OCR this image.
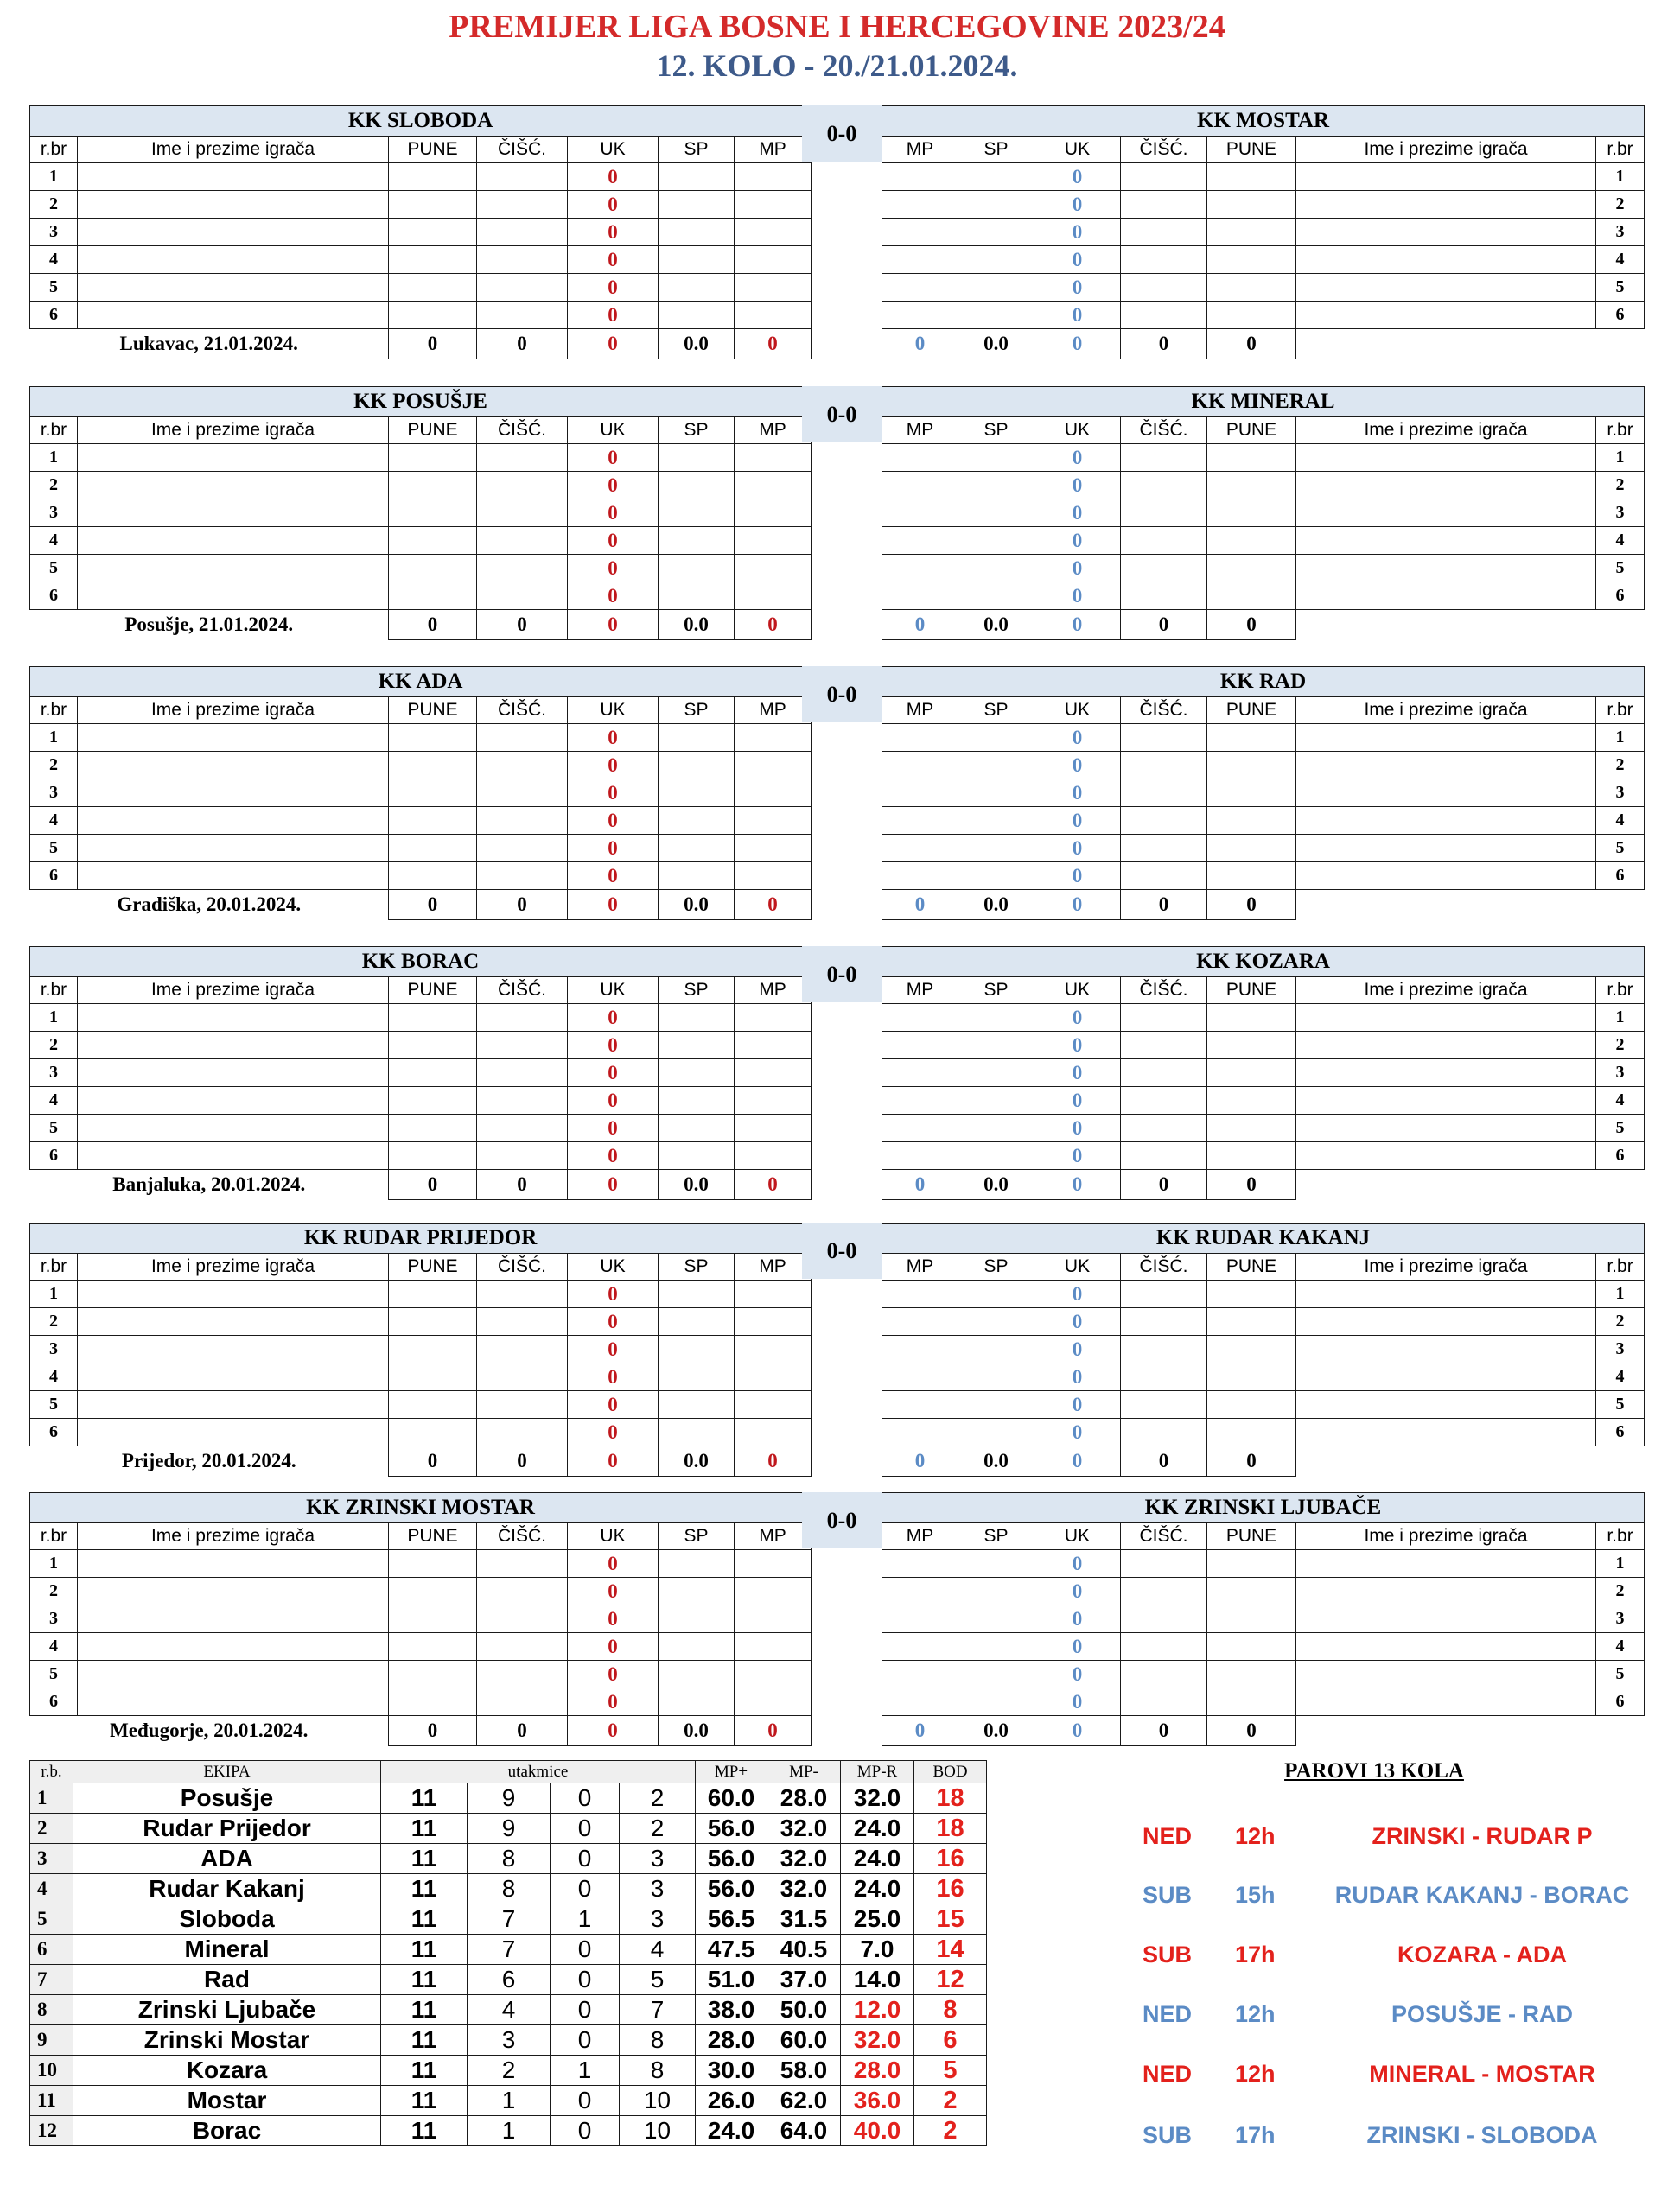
PREMIJER LIGA BOSNE I HERCEGOVINE 2023/24
12. KOLO - 20./21.01.2024.
KK SLOBODA						
r.br	Ime i prezime igrača	PUNE	ČIŠĆ.	UK	SP	MP
1				0		
2				0		
3				0		
4				0		
5				0		
6				0		
Lukavac, 21.01.2024.		0	0	0	0.0	0
0-0
KK MOSTAR						
MP	SP	UK	ČIŠĆ.	PUNE	Ime i prezime igrača	r.br
		0				1
		0				2
		0				3
		0				4
		0				5
		0				6
0	0.0	0	0	0		
KK POSUŠJE						
r.br	Ime i prezime igrača	PUNE	ČIŠĆ.	UK	SP	MP
1				0		
2				0		
3				0		
4				0		
5				0		
6				0		
Posušje, 21.01.2024.		0	0	0	0.0	0
0-0
KK MINERAL						
MP	SP	UK	ČIŠĆ.	PUNE	Ime i prezime igrača	r.br
		0				1
		0				2
		0				3
		0				4
		0				5
		0				6
0	0.0	0	0	0		
KK ADA						
r.br	Ime i prezime igrača	PUNE	ČIŠĆ.	UK	SP	MP
1				0		
2				0		
3				0		
4				0		
5				0		
6				0		
Gradiška, 20.01.2024.		0	0	0	0.0	0
0-0
KK RAD						
MP	SP	UK	ČIŠĆ.	PUNE	Ime i prezime igrača	r.br
		0				1
		0				2
		0				3
		0				4
		0				5
		0				6
0	0.0	0	0	0		
KK BORAC						
r.br	Ime i prezime igrača	PUNE	ČIŠĆ.	UK	SP	MP
1				0		
2				0		
3				0		
4				0		
5				0		
6				0		
Banjaluka, 20.01.2024.		0	0	0	0.0	0
0-0
KK KOZARA						
MP	SP	UK	ČIŠĆ.	PUNE	Ime i prezime igrača	r.br
		0				1
		0				2
		0				3
		0				4
		0				5
		0				6
0	0.0	0	0	0		
KK RUDAR PRIJEDOR						
r.br	Ime i prezime igrača	PUNE	ČIŠĆ.	UK	SP	MP
1				0		
2				0		
3				0		
4				0		
5				0		
6				0		
Prijedor, 20.01.2024.		0	0	0	0.0	0
0-0
KK RUDAR KAKANJ						
MP	SP	UK	ČIŠĆ.	PUNE	Ime i prezime igrača	r.br
		0				1
		0				2
		0				3
		0				4
		0				5
		0				6
0	0.0	0	0	0		
KK ZRINSKI MOSTAR						
r.br	Ime i prezime igrača	PUNE	ČIŠĆ.	UK	SP	MP
1				0		
2				0		
3				0		
4				0		
5				0		
6				0		
Međugorje, 20.01.2024.		0	0	0	0.0	0
0-0
KK ZRINSKI LJUBAČE						
MP	SP	UK	ČIŠĆ.	PUNE	Ime i prezime igrača	r.br
		0				1
		0				2
		0				3
		0				4
		0				5
		0				6
0	0.0	0	0	0		
r.b.	EKIPA	utakmice				MP+	MP-	MP-R	BOD
1	Posušje	11	9	0	2	60.0	28.0	32.0	18
2	Rudar Prijedor	11	9	0	2	56.0	32.0	24.0	18
3	ADA	11	8	0	3	56.0	32.0	24.0	16
4	Rudar Kakanj	11	8	0	3	56.0	32.0	24.0	16
5	Sloboda	11	7	1	3	56.5	31.5	25.0	15
6	Mineral	11	7	0	4	47.5	40.5	7.0	14
7	Rad	11	6	0	5	51.0	37.0	14.0	12
8	Zrinski Ljubače	11	4	0	7	38.0	50.0	12.0	8
9	Zrinski Mostar	11	3	0	8	28.0	60.0	32.0	6
10	Kozara	11	2	1	8	30.0	58.0	28.0	5
11	Mostar	11	1	0	10	26.0	62.0	36.0	2
12	Borac	11	1	0	10	24.0	64.0	40.0	2
PAROVI 13 KOLA
NED 12h	ZRINSKI - RUDAR P
SUB 15h	RUDAR KAKANJ - BORAC
SUB 17h	KOZARA - ADA
NED 12h	POSUŠJE - RAD
NED 12h	MINERAL - MOSTAR
SUB 17h	ZRINSKI - SLOBODA
